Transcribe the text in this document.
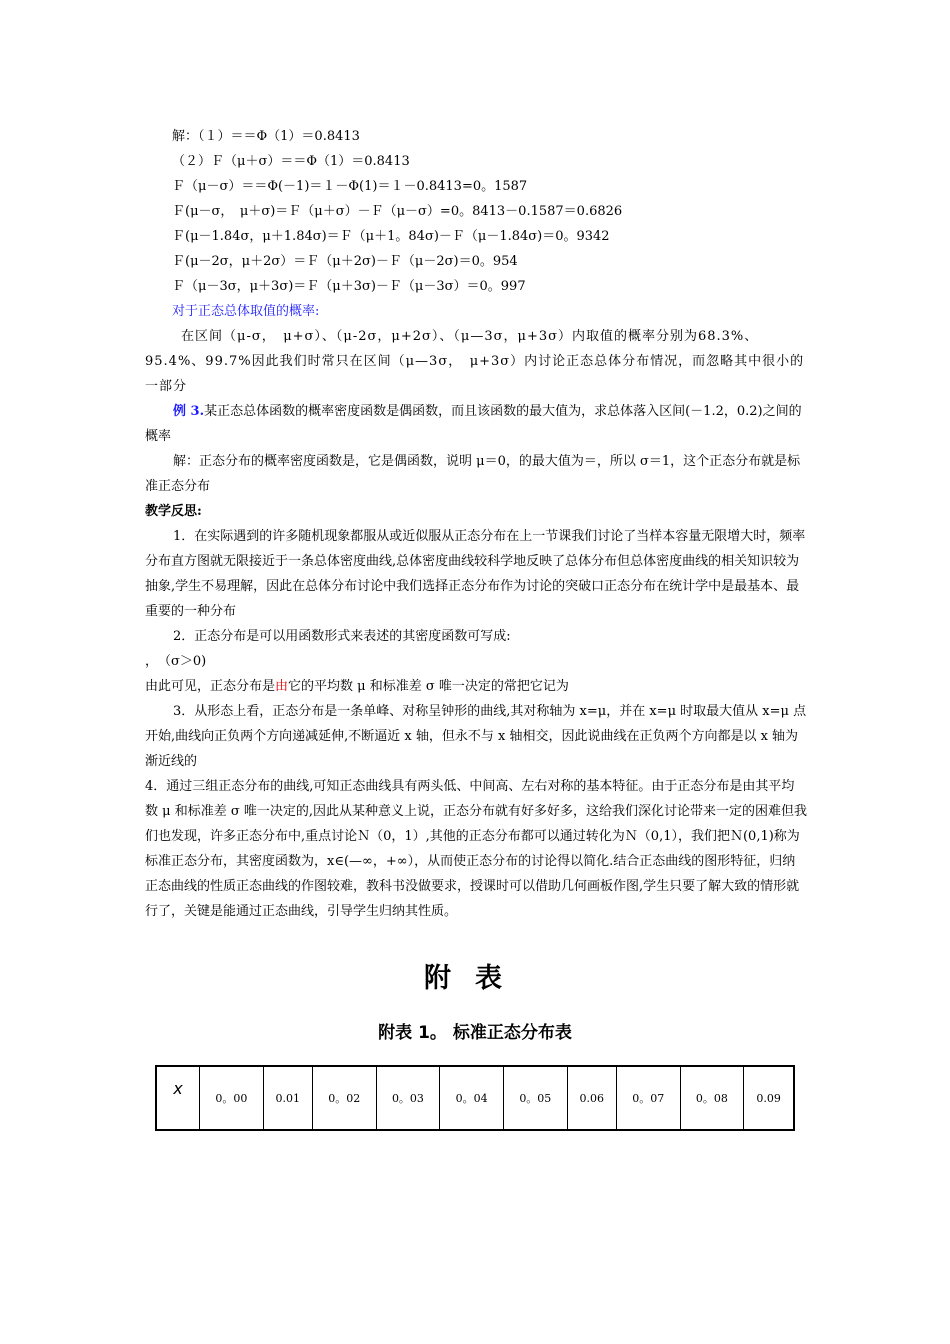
解：（１）＝＝Φ（1）＝0.8413
（２）Ｆ（μ＋σ）＝＝Φ（1）＝0.8413
Ｆ（μ－σ）＝＝Φ(－1)＝１－Φ(1)＝１－0.8413=0。1587
Ｆ(μ－σ，　μ＋σ)＝Ｆ（μ＋σ）－Ｆ（μ－σ）=0。8413－0.1587＝0.6826
Ｆ(μ－1.84σ，μ＋1.84σ)＝Ｆ（μ＋1。84σ)－Ｆ（μ－1.84σ)＝0。9342
Ｆ(μ－2σ，μ＋2σ）＝Ｆ（μ＋2σ)－Ｆ（μ－2σ)＝0。954
Ｆ（μ－3σ，μ＋3σ)＝Ｆ（μ＋3σ)－Ｆ（μ－3σ）＝0。997
对于正态总体取值的概率:
在区间（μ-σ，　μ+σ）、（μ-2σ，μ+2σ）、（μ—3σ，μ+3σ）内取值的概率分别为68.3%、95.4%、99.7%因此我们时常只在区间（μ—3σ，　μ+3σ）内讨论正态总体分布情况，而忽略其中很小的一部分
例 3.某正态总体函数的概率密度函数是偶函数，而且该函数的最大值为，求总体落入区间(－1.2，0.2)之间的概率
解：正态分布的概率密度函数是，它是偶函数，说明 μ＝0，的最大值为＝，所以 σ＝1，这个正态分布就是标准正态分布
教学反思:
1．在实际遇到的许多随机现象都服从或近似服从正态分布在上一节课我们讨论了当样本容量无限增大时，频率分布直方图就无限接近于一条总体密度曲线,总体密度曲线较科学地反映了总体分布但总体密度曲线的相关知识较为抽象,学生不易理解，因此在总体分布讨论中我们选择正态分布作为讨论的突破口正态分布在统计学中是最基本、最重要的一种分布
2．正态分布是可以用函数形式来表述的其密度函数可写成:
，　（σ＞0)
由此可见，正态分布是由它的平均数 μ 和标准差 σ 唯一决定的常把它记为
3．从形态上看，正态分布是一条单峰、对称呈钟形的曲线,其对称轴为 x=μ，并在 x=μ 时取最大值从 x=μ 点开始,曲线向正负两个方向递减延伸,不断逼近 x 轴，但永不与 x 轴相交，因此说曲线在正负两个方向都是以 x 轴为渐近线的
4．通过三组正态分布的曲线,可知正态曲线具有两头低、中间高、左右对称的基本特征。由于正态分布是由其平均数 μ 和标准差 σ 唯一决定的,因此从某种意义上说，正态分布就有好多好多，这给我们深化讨论带来一定的困难但我们也发现，许多正态分布中,重点讨论Ｎ（0，1）,其他的正态分布都可以通过转化为Ｎ（0,1），我们把Ｎ(0,1)称为标准正态分布，其密度函数为，x∈(—∞，+∞），从而使正态分布的讨论得以简化.结合正态曲线的图形特征，归纳正态曲线的性质正态曲线的作图较难，教科书没做要求，授课时可以借助几何画板作图,学生只要了解大致的情形就行了，关键是能通过正态曲线，引导学生归纳其性质。
附表
附表 1。 标准正态分布表
x	0。00	0.01	0。02	0。03	0。04	0。05	0.06	0。07	0。08	0.09
